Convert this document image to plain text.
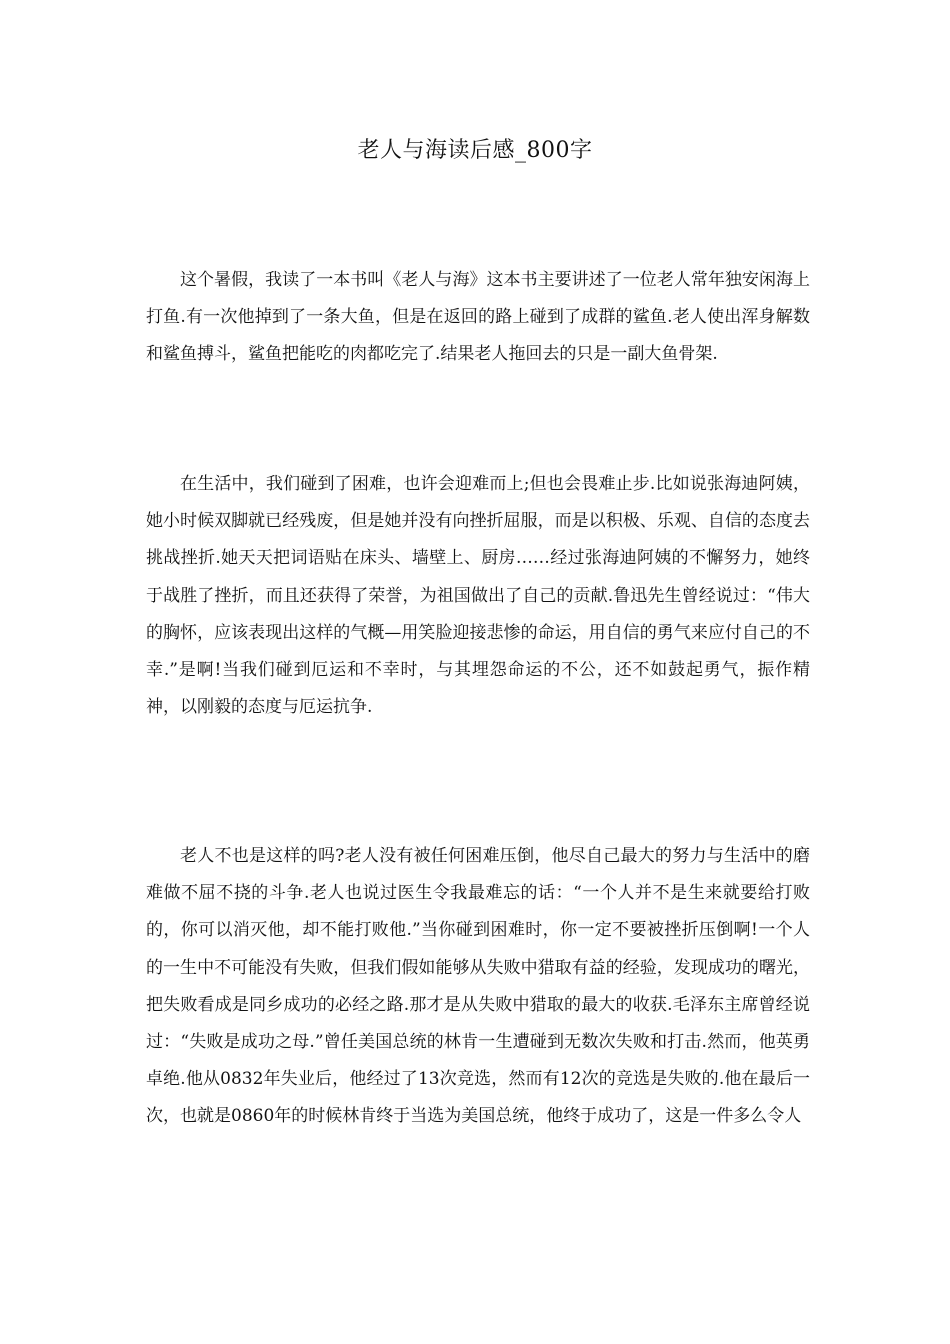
老人与海读后感_800字

这个暑假，我读了一本书叫《老人与海》这本书主要讲述了一位老人常年独安闲海上打鱼.有一次他掉到了一条大鱼，但是在返回的路上碰到了成群的鲨鱼.老人使出浑身解数和鲨鱼搏斗，鲨鱼把能吃的肉都吃完了.结果老人拖回去的只是一副大鱼骨架.

在生活中，我们碰到了困难，也许会迎难而上;但也会畏难止步.比如说张海迪阿姨，她小时候双脚就已经残废，但是她并没有向挫折屈服，而是以积极、乐观、自信的态度去挑战挫折.她天天把词语贴在床头、墙壁上、厨房……经过张海迪阿姨的不懈努力，她终于战胜了挫折，而且还获得了荣誉，为祖国做出了自己的贡献.鲁迅先生曾经说过：“伟大的胸怀，应该表现出这样的气概—用笑脸迎接悲惨的命运，用自信的勇气来应付自己的不幸.”是啊!当我们碰到厄运和不幸时，与其埋怨命运的不公，还不如鼓起勇气，振作精神，以刚毅的态度与厄运抗争.

老人不也是这样的吗?老人没有被任何困难压倒，他尽自己最大的努力与生活中的磨难做不屈不挠的斗争.老人也说过医生令我最难忘的话：“一个人并不是生来就要给打败的，你可以消灭他，却不能打败他.”当你碰到困难时，你一定不要被挫折压倒啊!一个人的一生中不可能没有失败，但我们假如能够从失败中猎取有益的经验，发现成功的曙光，把失败看成是同乡成功的必经之路.那才是从失败中猎取的最大的收获.毛泽东主席曾经说过：“失败是成功之母.”曾任美国总统的林肯一生遭碰到无数次失败和打击.然而，他英勇卓绝.他从0832年失业后，他经过了13次竞选，然而有12次的竞选是失败的.他在最后一次，也就是0860年的时候林肯终于当选为美国总统，他终于成功了，这是一件多么令人
